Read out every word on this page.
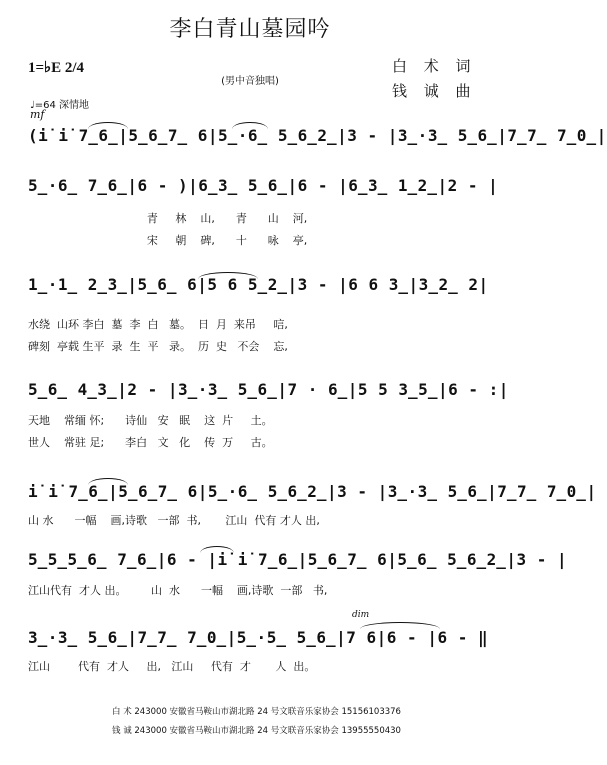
李白青山墓园吟
1=♭E 2/4
(男中音独唱)
白 术 词
钱 诚 曲
♩=64 深情地
mf
dim
(i̇ i̇ 7̲6̲|5̲6̲7̲ 6|5̲·6̲ 5̲6̲2̲|3 - |3̲·3̲ 5̲6̲|7̲7̲ 7̲0̲|
5̲·6̲ 7̲6̲|6 - )|6̲3̲ 5̲6̲|6 - |6̲3̲ 1̲2̲|2 - |
青     林    山,      青      山    河,
宋     朝    碑,      十      咏    亭,
1̲·1̲ 2̲3̲|5̲6̲ 6|5 6 5̲2̲|3 - |6 6 3̲|3̲2̲ 2|
水绕  山环 李白  墓  李  白   墓。  日  月  来吊     唁,
碑刻  亭载 生平  录  生  平   录。  历  史   不会    忘,
5̲6̲ 4̲3̲|2 - |3̲·3̲ 5̲6̲|7 · 6̲|5 5 3̲5̲|6 - :|
天地    常缅 怀;      诗仙   安   眠    这  片     土。
世人    常驻 足;      李白   文   化    传  万     古。
i̇ i̇ 7̲6̲|5̲6̲7̲ 6|5̲·6̲ 5̲6̲2̲|3 - |3̲·3̲ 5̲6̲|7̲7̲ 7̲0̲|
山 水      一幅    画,诗歌   一部  书,       江山  代有 才人 出,
5̲5̲5̲6̲ 7̲6̲|6 - |i̇ i̇ 7̲6̲|5̲6̲7̲ 6|5̲6̲ 5̲6̲2̲|3 - |
江山代有  才人 出。       山  水      一幅    画,诗歌  一部   书,
3̲·3̲ 5̲6̲|7̲7̲ 7̲0̲|5̲·5̲ 5̲6̲|7 6|6 - |6 - ‖
江山        代有  才人     出,   江山     代有  才       人  出。
白 术 243000 安徽省马鞍山市湖北路 24 号文联音乐家协会 15156103376
钱 诚 243000 安徽省马鞍山市湖北路 24 号文联音乐家协会 13955550430
